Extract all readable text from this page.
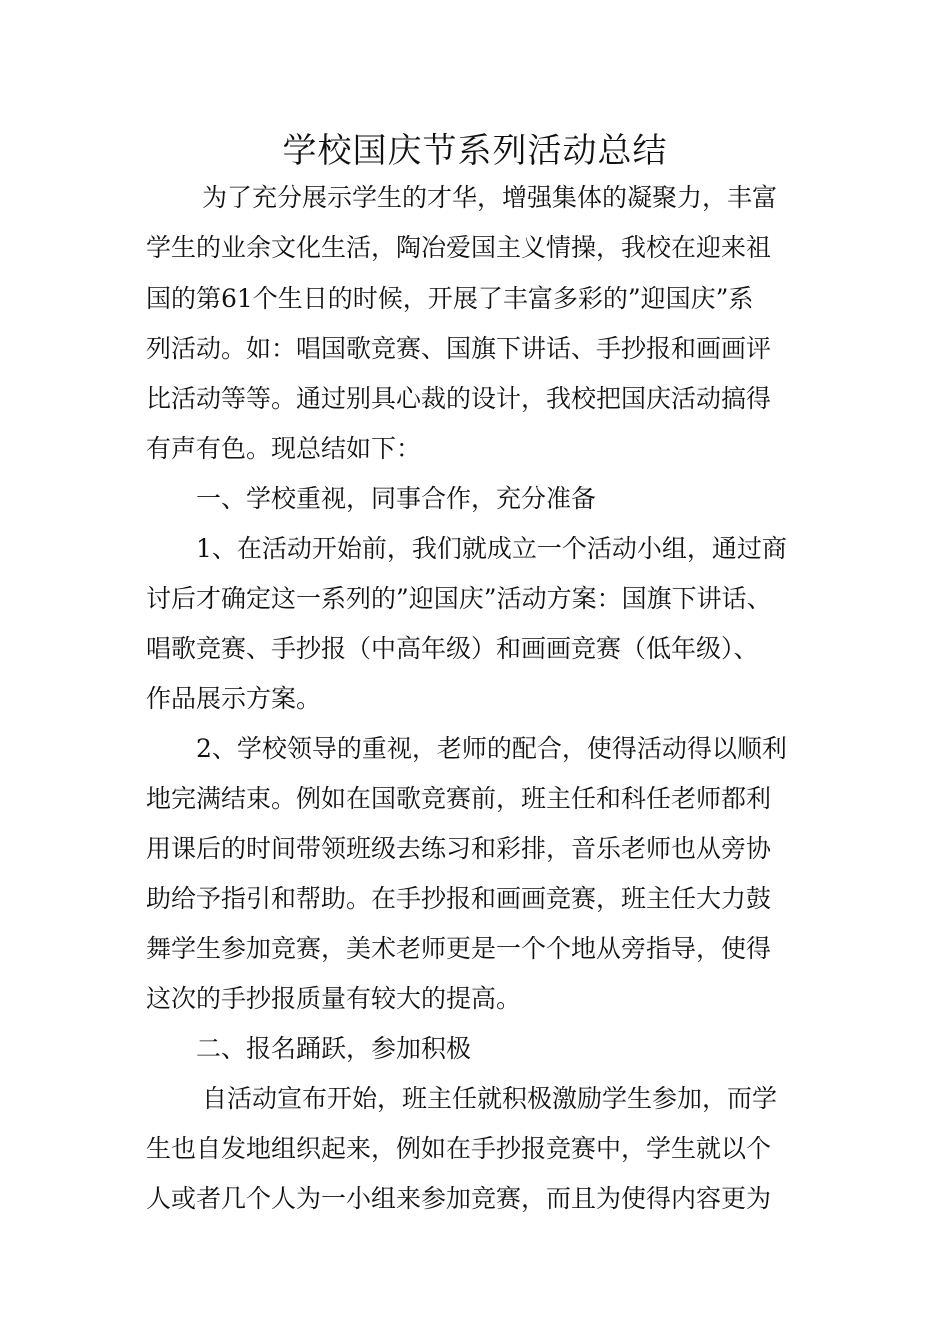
学校国庆节系列活动总结
为了充分展示学生的才华，增强集体的凝聚力，丰富
学生的业余文化生活，陶冶爱国主义情操，我校在迎来祖
国的第61个生日的时候，开展了丰富多彩的”迎国庆”系
列活动。如：唱国歌竞赛、国旗下讲话、手抄报和画画评
比活动等等。通过别具心裁的设计，我校把国庆活动搞得
有声有色。现总结如下：
一、学校重视，同事合作，充分准备
1、在活动开始前，我们就成立一个活动小组，通过商
讨后才确定这一系列的”迎国庆”活动方案：国旗下讲话、
唱歌竞赛、手抄报（中高年级）和画画竞赛（低年级）、
作品展示方案。
2、学校领导的重视，老师的配合，使得活动得以顺利
地完满结束。例如在国歌竞赛前，班主任和科任老师都利
用课后的时间带领班级去练习和彩排，音乐老师也从旁协
助给予指引和帮助。在手抄报和画画竞赛，班主任大力鼓
舞学生参加竞赛，美术老师更是一个个地从旁指导，使得
这次的手抄报质量有较大的提高。
二、报名踊跃，参加积极
自活动宣布开始，班主任就积极激励学生参加，而学
生也自发地组织起来，例如在手抄报竞赛中，学生就以个
人或者几个人为一小组来参加竞赛，而且为使得内容更为
